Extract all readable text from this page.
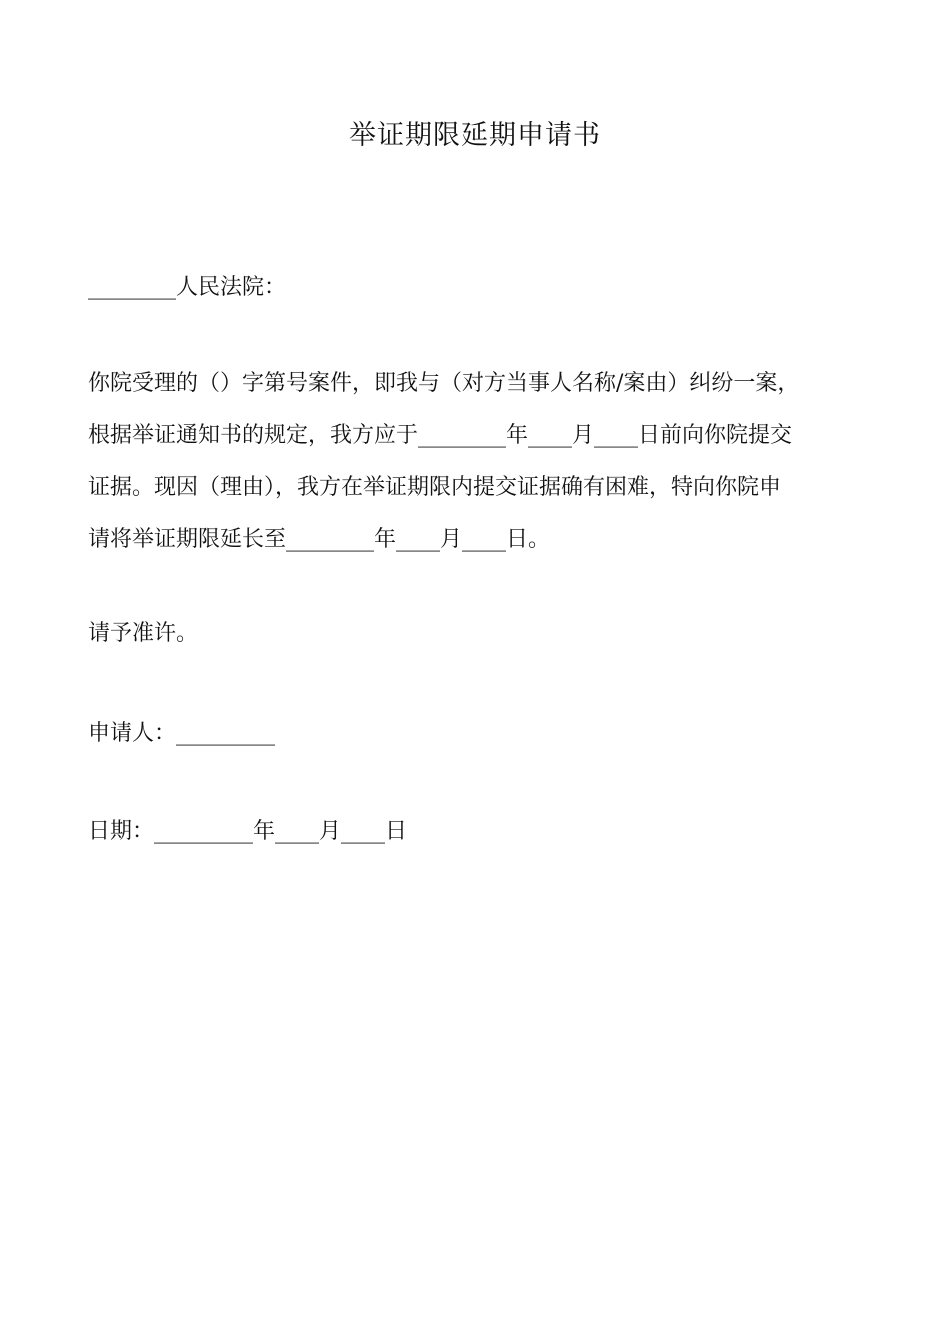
举证期限延期申请书
________人民法院：
你院受理的（）字第号案件，即我与（对方当事人名称/案由）纠纷一案，
根据举证通知书的规定，我方应于________年____月____日前向你院提交
证据。现因（理由），我方在举证期限内提交证据确有困难，特向你院申
请将举证期限延长至________年____月____日。
请予准许。
申请人：_________
日期：_________年____月____日
